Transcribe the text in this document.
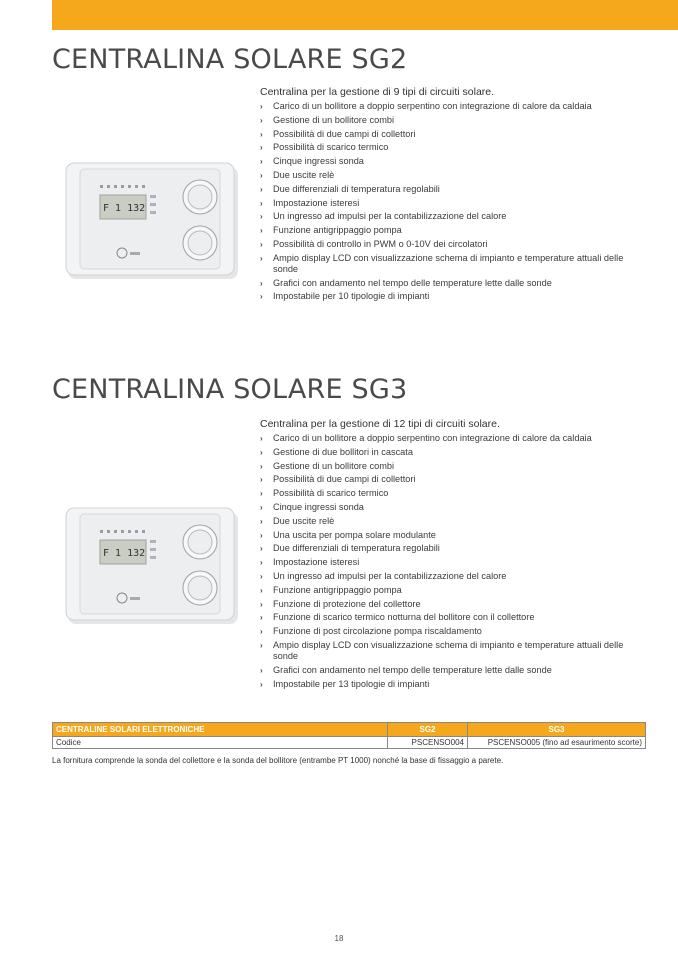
CENTRALINA SOLARE SG2
F 1 132

Centralina per la gestione di 9 tipi di circuiti solare.

› Carico di un bollitore a doppio serpentino con integrazione di calore da caldaia
› Gestione di un bollitore combi
› Possibilità di due campi di collettori
› Possibilità di scarico termico
› Cinque ingressi sonda
› Due uscite relè
› Due differenziali di temperatura regolabili
› Impostazione isteresi
› Un ingresso ad impulsi per la contabilizzazione del calore
› Funzione antigrippaggio pompa
› Possibilità di controllo in PWM o 0-10V dei circolatori
› Ampio display LCD con visualizzazione schema di impianto e temperature attuali delle sonde
› Grafici con andamento nel tempo delle temperature lette dalle sonde
› Impostabile per 10 tipologie di impianti
CENTRALINA SOLARE SG3
F 1 132

Centralina per la gestione di 12 tipi di circuiti solare.

› Carico di un bollitore a doppio serpentino con integrazione di calore da caldaia
› Gestione di due bollitori in cascata
› Gestione di un bollitore combi
› Possibilità di due campi di collettori
› Possibilità di scarico termico
› Cinque ingressi sonda
› Due uscite relè
› Una uscita per pompa solare modulante
› Due differenziali di temperatura regolabili
› Impostazione isteresi
› Un ingresso ad impulsi per la contabilizzazione del calore
› Funzione antigrippaggio pompa
› Funzione di protezione del collettore
› Funzione di scarico termico notturna del bollitore con il collettore
› Funzione di post circolazione pompa riscaldamento
› Ampio display LCD con visualizzazione schema di impianto e temperature attuali delle sonde
› Grafici con andamento nel tempo delle temperature lette dalle sonde
› Impostabile per 13 tipologie di impianti
CENTRALINE SOLARI ELETTRONICHE	SG2	SG3
Codice	PSCENSO004	PSCENSO005 (fino ad esaurimento scorte)

La fornitura comprende la sonda del collettore e la sonda del bollitore (entrambe PT 1000) nonché la base di fissaggio a parete.

18
